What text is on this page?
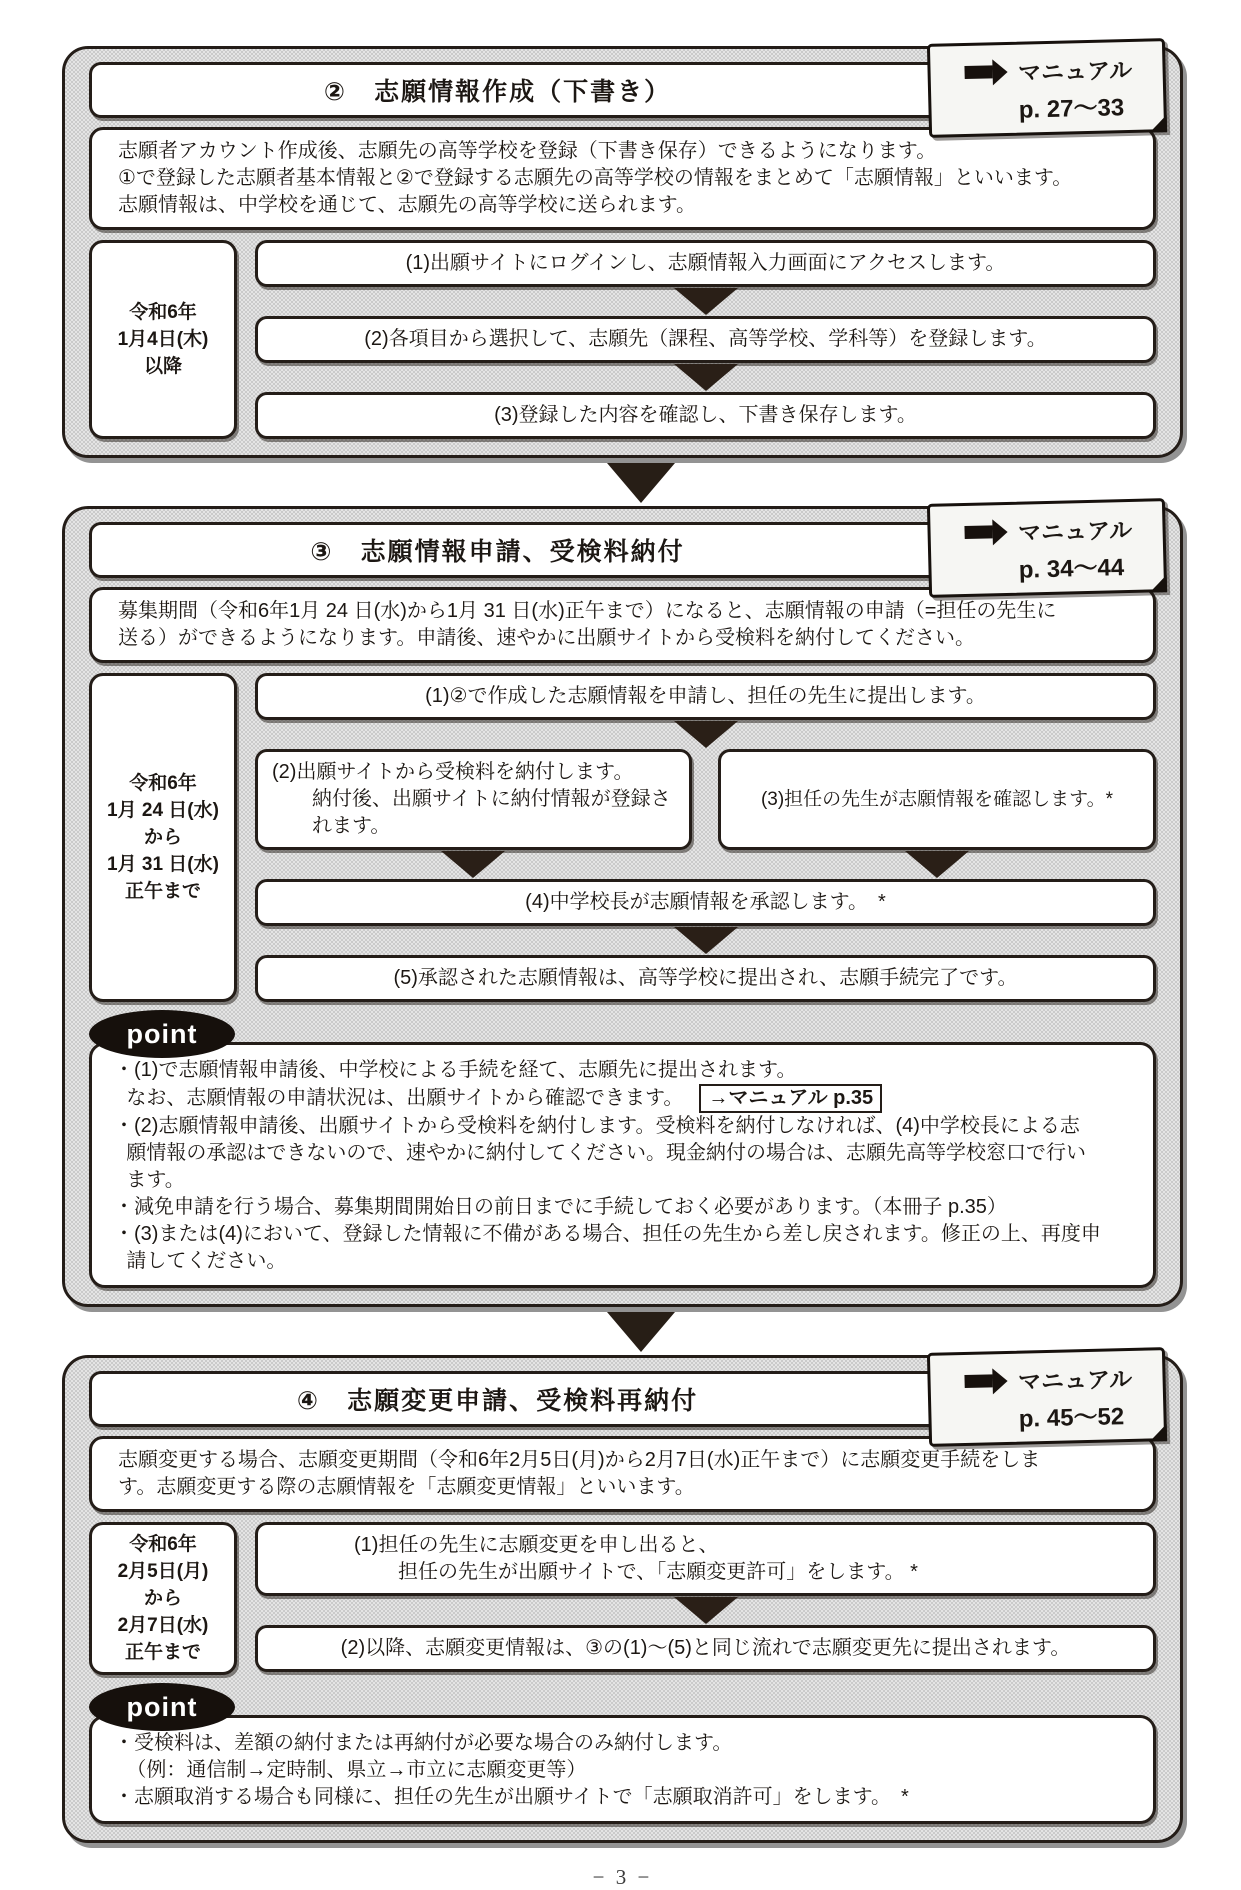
マニュアル
p. 27～33
②　志願情報作成（下書き）
志願者アカウント作成後、志願先の高等学校を登録（下書き保存）できるようになります。
①で登録した志願者基本情報と②で登録する志願先の高等学校の情報をまとめて「志願情報」といいます。
志願情報は、中学校を通じて、志願先の高等学校に送られます。
令和6年
1月4日(木)
以降
(1)出願サイトにログインし、志願情報入力画面にアクセスします。
(2)各項目から選択して、志願先（課程、高等学校、学科等）を登録します。
(3)登録した内容を確認し、下書き保存します。
マニュアル
p. 34～44
③　志願情報申請、受検料納付
募集期間（令和6年1月 24 日(水)から1月 31 日(水)正午まで）になると、志願情報の申請（=担任の先生に
送る）ができるようになります。申請後、速やかに出願サイトから受検料を納付してください。
令和6年
1月 24 日(水)
から
1月 31 日(水)
正午まで
(1)②で作成した志願情報を申請し、担任の先生に提出します。
(2)出願サイトから受検料を納付します。
納付後、出願サイトに納付情報が登録さ
れます。
(3)担任の先生が志願情報を確認します。*
(4)中学校長が志願情報を承認します。　*
(5)承認された志願情報は、高等学校に提出され、志願手続完了です。
point
・(1)で志願情報申請後、中学校による手続を経て、志願先に提出されます。
なお、志願情報の申請状況は、出願サイトから確認できます。 →マニュアル p.35
・(2)志願情報申請後、出願サイトから受検料を納付します。受検料を納付しなければ、(4)中学校長による志
願情報の承認はできないので、速やかに納付してください。現金納付の場合は、志願先高等学校窓口で行い
ます。
・減免申請を行う場合、募集期間開始日の前日までに手続しておく必要があります。（本冊子 p.35）
・(3)または(4)において、登録した情報に不備がある場合、担任の先生から差し戻されます。修正の上、再度申
請してください。
マニュアル
p. 45～52
④　志願変更申請、受検料再納付
志願変更する場合、志願変更期間（令和6年2月5日(月)から2月7日(水)正午まで）に志願変更手続をしま
す。志願変更する際の志願情報を「志願変更情報」といいます。
令和6年
2月5日(月)
から
2月7日(水)
正午まで
(1)担任の先生に志願変更を申し出ると、
担任の先生が出願サイトで、「志願変更許可」をします。 *
(2)以降、志願変更情報は、③の(1)～(5)と同じ流れで志願変更先に提出されます。
point
・受検料は、差額の納付または再納付が必要な場合のみ納付します。
（例：通信制→定時制、県立→市立に志願変更等）
・志願取消する場合も同様に、担任の先生が出願サイトで「志願取消許可」をします。　*
− 3 −
